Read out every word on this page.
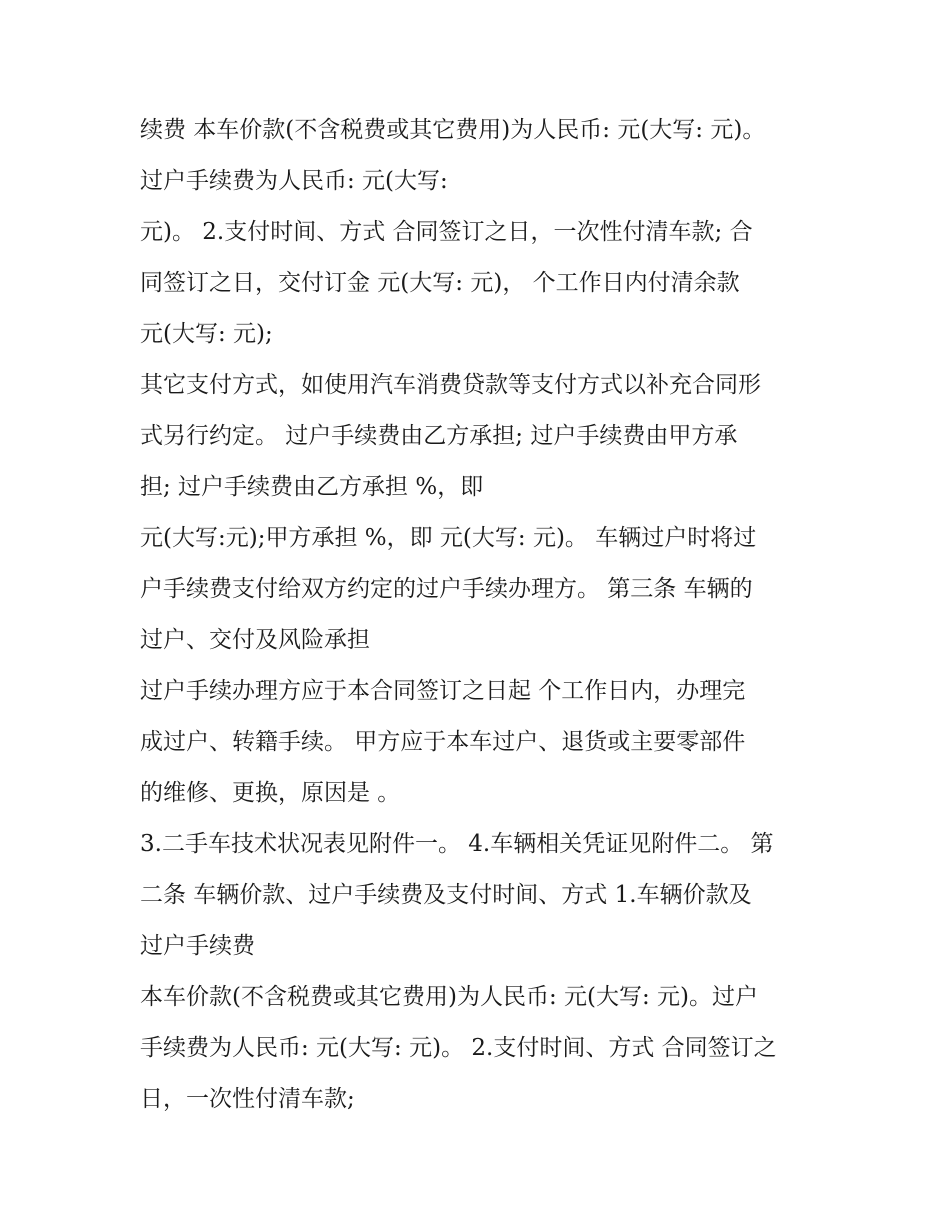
续费 本车价款(不含税费或其它费用)为人民币: 元(大写: 元)。
过户手续费为人民币: 元(大写:
元)。 2.支付时间、方式 合同签订之日，一次性付清车款; 合
同签订之日，交付订金 元(大写: 元)， 个工作日内付清余款
元(大写: 元);
其它支付方式，如使用汽车消费贷款等支付方式以补充合同形
式另行约定。 过户手续费由乙方承担; 过户手续费由甲方承
担; 过户手续费由乙方承担 %，即
元(大写:元);甲方承担 %，即 元(大写: 元)。 车辆过户时将过
户手续费支付给双方约定的过户手续办理方。 第三条 车辆的
过户、交付及风险承担
过户手续办理方应于本合同签订之日起 个工作日内，办理完
成过户、转籍手续。 甲方应于本车过户、退货或主要零部件
的维修、更换，原因是 。
3.二手车技术状况表见附件一。 4.车辆相关凭证见附件二。 第
二条 车辆价款、过户手续费及支付时间、方式 1.车辆价款及
过户手续费
本车价款(不含税费或其它费用)为人民币: 元(大写: 元)。过户
手续费为人民币: 元(大写: 元)。 2.支付时间、方式 合同签订之
日，一次性付清车款;
